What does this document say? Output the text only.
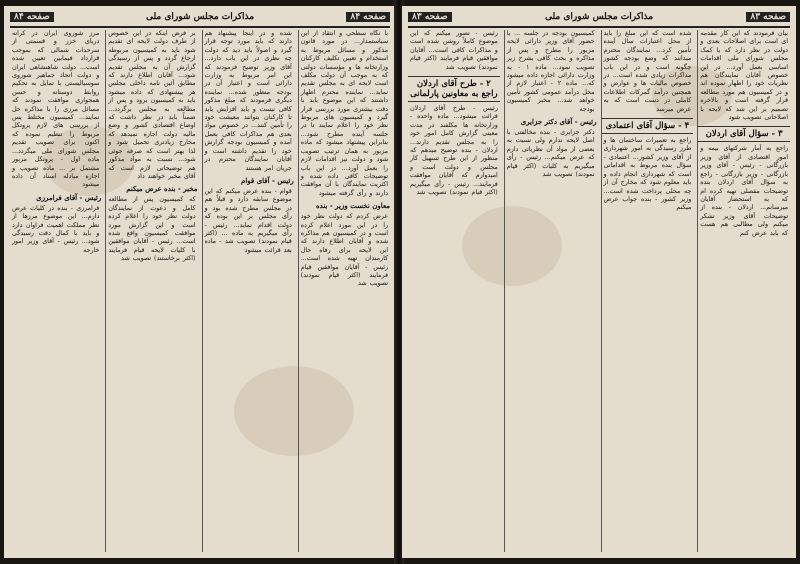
صفحه ۸۴
مذاکرات مجلس شورای ملی
صفحه ۸۴
با نگاه سطحی و انتقاد از این سیاستمدار... در مورد قانون مذکور و مسائل مربوط به استخدام و تعیین تکلیف کارکنان وزارتخانه ها و مؤسسات دولتی که به موجب آن دولت مکلف است لایحه ای به مجلس تقدیم نماید... نماینده محترم اظهار داشتند که این موضوع باید با دقت بیشتری مورد بررسی قرار گیرد و کمیسیون های مربوط نظر خود را اعلام نمایند تا در جلسه آینده مطرح شود... بنابراین پیشنهاد میشود که ماده مزبور به همان ترتیب تصویب شود و دولت نیز اقدامات لازم را بعمل آورد... در این باب توضیحات کافی داده شده و اکثریت نمایندگان با آن موافقت دارند و رأی گرفته میشود
معاون نخست وزیر - بنده
عرض کردم که دولت نظر خود را در این مورد اعلام کرده است و در کمیسیون هم مذاکره شده و آقایان اطلاع دارند که این لایحه برای رفاه حال کارمندان تهیه شده است... رئیس - آقایان موافقین قیام فرمایند (اکثر قیام نمودند) تصویب شد
شده و در اینجا پیشنهاد هم دارند که باید مورد توجه قرار گیرد و اصولاً باید دید که دولت چه نظری در این باب دارد... آقای وزیر توضیح فرمودند که این امر مربوط به وزارت دارائی است و اعتبار آن در بودجه منظور شده... نماینده دیگری فرمودند که مبلغ مذکور کافی نیست و باید افزایش یابد تا کارکنان بتوانند معیشت خود را تأمین کنند... در خصوص مواد بعدی هم مذاکرات کافی بعمل آمده و کمیسیون بودجه گزارش خود را تقدیم داشته است و آقایان نمایندگان محترم در جریان امر هستند
رئیس - آقای قوام
قوام - بنده عرض میکنم که این موضوع سابقه دارد و قبلاً هم در مجلس مطرح شده بود و رأی مجلس بر این بوده که دولت اقدام نماید... رئیس - رأی میگیریم به ماده ... (اکثر قیام نمودند) تصویب شد - ماده بعد قرائت میشود
بر فرض اینکه در این خصوص از طرف دولت لایحه ای تقدیم شود باید به کمیسیون مربوطه ارجاع گردد و پس از رسیدگی گزارش آن به مجلس تقدیم شود... آقایان اطلاع دارند که مطابق آئین نامه داخلی مجلس هر پیشنهادی که داده میشود باید به کمیسیون برود و پس از مطالعه به مجلس برگردد... ضمناً باید در نظر داشت که اوضاع اقتصادی کشور و وضع مالیه دولت اجازه نمیدهد که مخارج زیادتری تحمیل شود و لذا بهتر است که صرفه جوئی شود... نسبت به مواد مذکور هم توضیحاتی لازم است که آقای مخبر خواهند داد
مخبر - بنده عرض میکنم
که کمیسیون پس از مطالعه کامل و دعوت از نمایندگان دولت نظر خود را اعلام کرده است و این گزارش مورد موافقت کمیسیون واقع شده است... رئیس - آقایان موافقین با کلیات لایحه قیام فرمایند (اکثر برخاستند) تصویب شد
مرز شوروی ایران در کرانه دریای خزر و قسمتی از سرحدات شمالی که بموجب قرارداد فیمابین تعیین شده است... دولت شاهنشاهی ایران و دولت اتحاد جماهیر شوروی سوسیالیستی با تمایل به تحکیم روابط دوستانه و حسن همجواری موافقت نمودند که مسائل مرزی را با مذاکره حل نمایند... کمیسیون مختلط پس از بررسی های لازم پروتکل مربوط را تنظیم نموده که اکنون برای تصویب تقدیم مجلس شورای ملی میگردد... ماده اول - پروتکل مزبور مشتمل بر ... ماده تصویب و اجازه مبادله اسناد آن داده میشود
رئیس - آقای فرامرزی
فرامرزی - بنده در کلیات عرض دارم... این موضوع مرزها از نظر مملکت اهمیت فراوان دارد و باید با کمال دقت رسیدگی شود... رئیس - آقای وزیر امور خارجه
صفحه ۸۳
مذاکرات مجلس شورای ملی
صفحه ۸۳
بیان فرمودند که این کار مقدمه ای است برای اصلاحات بعدی و دولت در نظر دارد که با کمک مجلس شورای ملی اقدامات اساسی بعمل آورد... در این خصوص آقایان نمایندگان هم نظریات خود را اظهار نموده اند و در کمیسیون هم مورد مطالعه قرار گرفته است و بالاخره تصمیم بر این شد که لایحه با اصلاحاتی تصویب شود
۳ - سؤال آقای اردلان
راجع به آمار شرکتهای بیمه و امور اقتصادی از آقای وزیر بازرگانی - رئیس - آقای وزیر بازرگانی - وزیر بازرگانی - راجع به سؤال آقای اردلان بنده توضیحات مفصلی تهیه کرده ام که به استحضار آقایان میرسانم... اردلان - بنده از توضیحات آقای وزیر تشکر میکنم ولی مطالبی هم هست که باید عرض کنم
شده است که این مبلغ را باید از محل اعتبارات سال آینده تأمین کرد... نمایندگان محترم میدانند که وضع بودجه کشور چگونه است و در این باب مذاکرات زیادی شده است... در خصوص مالیات ها و عوارض و همچنین درآمد گمرکات اطلاعات کاملی در دست است که به عرض میرسد
۴ - سؤال آقای اعتمادی
راجع به تعمیرات ساختمان ها و طرز رسیدگی به امور شهرداری از آقای وزیر کشور... اعتمادی - سؤال بنده مربوط به اقداماتی است که شهرداری انجام داده و باید معلوم شود که مخارج آن از چه محلی پرداخت شده است... وزیر کشور - بنده جواب عرض میکنم
کمیسیون بودجه در جلسه ... با حضور آقای وزیر دارائی لایحه مزبور را مطرح و پس از مذاکره و بحث کافی بشرح زیر تصویب نمود... ماده ۱ - به وزارت دارائی اجازه داده میشود که... ماده ۲ - اعتبار لازم از محل درآمد عمومی کشور تأمین خواهد شد... مخبر کمیسیون بودجه
رئیس - آقای دکتر جزایری
دکتر جزایری - بنده مخالفتی با اصل لایحه ندارم ولی نسبت به بعضی از مواد آن نظریاتی دارم که عرض میکنم... رئیس - رأی میگیریم به کلیات (اکثر قیام نمودند) تصویب شد
رئیس - تصور میکنم که این موضوع کاملاً روشن شده است و مذاکرات کافی است... آقایان موافقین قیام فرمایند (اکثر قیام نمودند) تصویب شد
۲ - طرح آقای اردلان راجع به معاونین پارلمانی
رئیس - طرح آقای اردلان قرائت میشود... ماده واحده - وزارتخانه ها مکلفند در مدت معینی گزارش کامل امور خود را به مجلس تقدیم دارند... اردلان - بنده توضیح میدهم که منظور از این طرح تسهیل کار مجلس و دولت است و امیدوارم که آقایان موافقت فرمایند... رئیس - رأی میگیریم (اکثر قیام نمودند) تصویب شد
